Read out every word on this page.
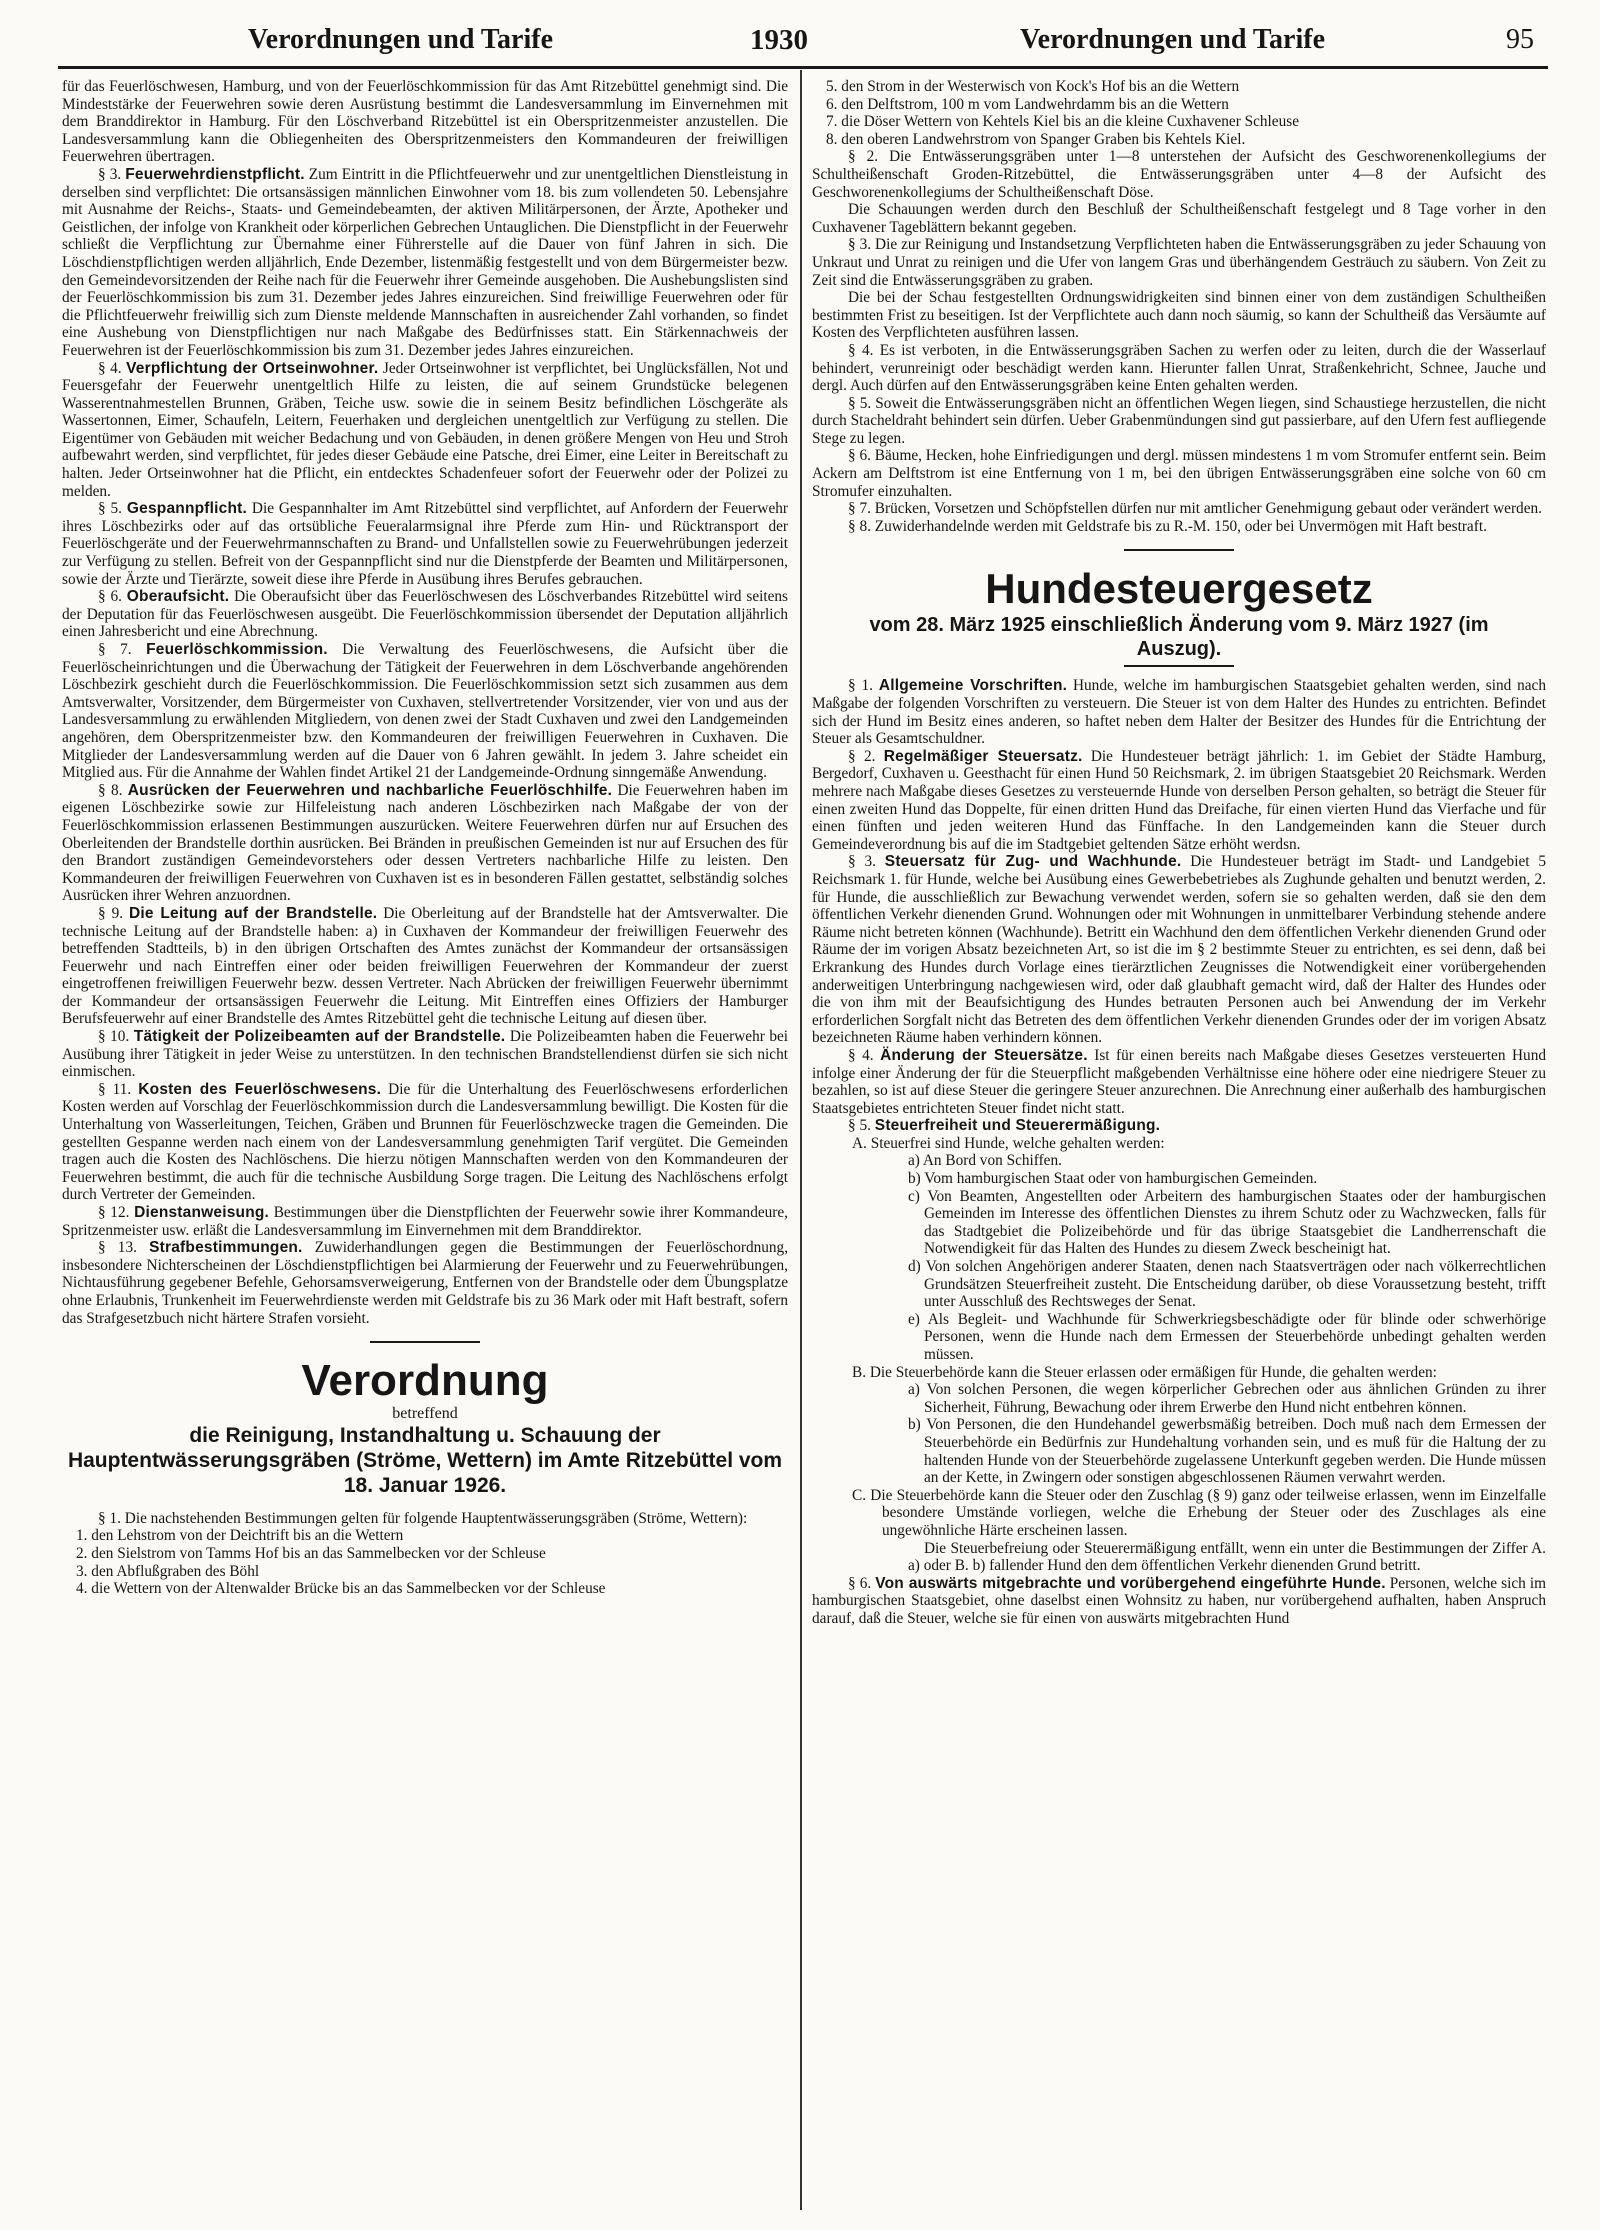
Verordnungen und Tarife	1930	Verordnungen und Tarife	95

für das Feuerlöschwesen, Hamburg, und von der Feuerlöschkommission für das Amt Ritzebüttel genehmigt sind. Die Mindeststärke der Feuerwehren sowie deren Ausrüstung bestimmt die Landesversammlung im Einvernehmen mit dem Branddirektor in Hamburg. Für den Löschverband Ritzebüttel ist ein Oberspritzenmeister anzustellen. Die Landesversammlung kann die Obliegenheiten des Oberspritzenmeisters den Kommandeuren der freiwilligen Feuerwehren übertragen.

§ 3. Feuerwehrdienstpflicht. Zum Eintritt in die Pflichtfeuerwehr und zur unentgeltlichen Dienstleistung in derselben sind verpflichtet: Die ortsansässigen männlichen Einwohner vom 18. bis zum vollendeten 50. Lebensjahre mit Ausnahme der Reichs-, Staats- und Gemeindebeamten, der aktiven Militärpersonen, der Ärzte, Apotheker und Geistlichen, der infolge von Krankheit oder körperlichen Gebrechen Untauglichen. Die Dienstpflicht in der Feuerwehr schließt die Verpflichtung zur Übernahme einer Führerstelle auf die Dauer von fünf Jahren in sich. Die Löschdienstpflichtigen werden alljährlich, Ende Dezember, listenmäßig festgestellt und von dem Bürgermeister bezw. den Gemeindevorsitzenden der Reihe nach für die Feuerwehr ihrer Gemeinde ausgehoben. Die Aushebungslisten sind der Feuerlöschkommission bis zum 31. Dezember jedes Jahres einzureichen. Sind freiwillige Feuerwehren oder für die Pflichtfeuerwehr freiwillig sich zum Dienste meldende Mannschaften in ausreichender Zahl vorhanden, so findet eine Aushebung von Dienstpflichtigen nur nach Maßgabe des Bedürfnisses statt. Ein Stärkennachweis der Feuerwehren ist der Feuerlöschkommission bis zum 31. Dezember jedes Jahres einzureichen.

§ 4. Verpflichtung der Ortseinwohner. Jeder Ortseinwohner ist verpflichtet, bei Unglücksfällen, Not und Feuersgefahr der Feuerwehr unentgeltlich Hilfe zu leisten, die auf seinem Grundstücke belegenen Wasserentnahmestellen Brunnen, Gräben, Teiche usw. sowie die in seinem Besitz befindlichen Löschgeräte als Wassertonnen, Eimer, Schaufeln, Leitern, Feuerhaken und dergleichen unentgeltlich zur Verfügung zu stellen. Die Eigentümer von Gebäuden mit weicher Bedachung und von Gebäuden, in denen größere Mengen von Heu und Stroh aufbewahrt werden, sind verpflichtet, für jedes dieser Gebäude eine Patsche, drei Eimer, eine Leiter in Bereitschaft zu halten. Jeder Ortseinwohner hat die Pflicht, ein entdecktes Schadenfeuer sofort der Feuerwehr oder der Polizei zu melden.

§ 5. Gespannpflicht. Die Gespannhalter im Amt Ritzebüttel sind verpflichtet, auf Anfordern der Feuerwehr ihres Löschbezirks oder auf das ortsübliche Feueralarmsignal ihre Pferde zum Hin- und Rücktransport der Feuerlöschgeräte und der Feuerwehrmannschaften zu Brand- und Unfallstellen sowie zu Feuerwehrübungen jederzeit zur Verfügung zu stellen. Befreit von der Gespannpflicht sind nur die Dienstpferde der Beamten und Militärpersonen, sowie der Ärzte und Tierärzte, soweit diese ihre Pferde in Ausübung ihres Berufes gebrauchen.

§ 6. Oberaufsicht. Die Oberaufsicht über das Feuerlöschwesen des Löschverbandes Ritzebüttel wird seitens der Deputation für das Feuerlöschwesen ausgeübt. Die Feuerlöschkommission übersendet der Deputation alljährlich einen Jahresbericht und eine Abrechnung.

§ 7. Feuerlöschkommission. Die Verwaltung des Feuerlöschwesens, die Aufsicht über die Feuerlöscheinrichtungen und die Überwachung der Tätigkeit der Feuerwehren in dem Löschverbande angehörenden Löschbezirk geschieht durch die Feuerlöschkommission. Die Feuerlöschkommission setzt sich zusammen aus dem Amtsverwalter, Vorsitzender, dem Bürgermeister von Cuxhaven, stellvertretender Vorsitzender, vier von und aus der Landesversammlung zu erwählenden Mitgliedern, von denen zwei der Stadt Cuxhaven und zwei den Landgemeinden angehören, dem Oberspritzenmeister bzw. den Kommandeuren der freiwilligen Feuerwehren in Cuxhaven. Die Mitglieder der Landesversammlung werden auf die Dauer von 6 Jahren gewählt. In jedem 3. Jahre scheidet ein Mitglied aus. Für die Annahme der Wahlen findet Artikel 21 der Landgemeinde-Ordnung sinngemäße Anwendung.

§ 8. Ausrücken der Feuerwehren und nachbarliche Feuerlöschhilfe. Die Feuerwehren haben im eigenen Löschbezirke sowie zur Hilfeleistung nach anderen Löschbezirken nach Maßgabe der von der Feuerlöschkommission erlassenen Bestimmungen auszurücken. Weitere Feuerwehren dürfen nur auf Ersuchen des Oberleitenden der Brandstelle dorthin ausrücken. Bei Bränden in preußischen Gemeinden ist nur auf Ersuchen des für den Brandort zuständigen Gemeindevorstehers oder dessen Vertreters nachbarliche Hilfe zu leisten. Den Kommandeuren der freiwilligen Feuerwehren von Cuxhaven ist es in besonderen Fällen gestattet, selbständig solches Ausrücken ihrer Wehren anzuordnen.

§ 9. Die Leitung auf der Brandstelle. Die Oberleitung auf der Brandstelle hat der Amtsverwalter. Die technische Leitung auf der Brandstelle haben: a) in Cuxhaven der Kommandeur der freiwilligen Feuerwehr des betreffenden Stadtteils, b) in den übrigen Ortschaften des Amtes zunächst der Kommandeur der ortsansässigen Feuerwehr und nach Eintreffen einer oder beiden freiwilligen Feuerwehren der Kommandeur der zuerst eingetroffenen freiwilligen Feuerwehr bezw. dessen Vertreter. Nach Abrücken der freiwilligen Feuerwehr übernimmt der Kommandeur der ortsansässigen Feuerwehr die Leitung. Mit Eintreffen eines Offiziers der Hamburger Berufsfeuerwehr auf einer Brandstelle des Amtes Ritzebüttel geht die technische Leitung auf diesen über.

§ 10. Tätigkeit der Polizeibeamten auf der Brandstelle. Die Polizeibeamten haben die Feuerwehr bei Ausübung ihrer Tätigkeit in jeder Weise zu unterstützen. In den technischen Brandstellendienst dürfen sie sich nicht einmischen.

§ 11. Kosten des Feuerlöschwesens. Die für die Unterhaltung des Feuerlöschwesens erforderlichen Kosten werden auf Vorschlag der Feuerlöschkommission durch die Landesversammlung bewilligt. Die Kosten für die Unterhaltung von Wasserleitungen, Teichen, Gräben und Brunnen für Feuerlöschzwecke tragen die Gemeinden. Die gestellten Gespanne werden nach einem von der Landesversammlung genehmigten Tarif vergütet. Die Gemeinden tragen auch die Kosten des Nachlöschens. Die hierzu nötigen Mannschaften werden von den Kommandeuren der Feuerwehren bestimmt, die auch für die technische Ausbildung Sorge tragen. Die Leitung des Nachlöschens erfolgt durch Vertreter der Gemeinden.

§ 12. Dienstanweisung. Bestimmungen über die Dienstpflichten der Feuerwehr sowie ihrer Kommandeure, Spritzenmeister usw. erläßt die Landesversammlung im Einvernehmen mit dem Branddirektor.

§ 13. Strafbestimmungen. Zuwiderhandlungen gegen die Bestimmungen der Feuerlöschordnung, insbesondere Nichterscheinen der Löschdienstpflichtigen bei Alarmierung der Feuerwehr und zu Feuerwehrübungen, Nichtausführung gegebener Befehle, Gehorsamsverweigerung, Entfernen von der Brandstelle oder dem Übungsplatze ohne Erlaubnis, Trunkenheit im Feuerwehrdienste werden mit Geldstrafe bis zu 36 Mark oder mit Haft bestraft, sofern das Strafgesetzbuch nicht härtere Strafen vorsieht.

Verordnung
betreffend
die Reinigung, Instandhaltung u. Schauung der Hauptentwässerungsgräben (Ströme, Wettern) im Amte Ritzebüttel vom 18. Januar 1926.

§ 1. Die nachstehenden Bestimmungen gelten für folgende Hauptentwässerungsgräben (Ströme, Wettern):

1. den Lehstrom von der Deichtrift bis an die Wettern

2. den Sielstrom von Tamms Hof bis an das Sammelbecken vor der Schleuse

3. den Abflußgraben des Böhl

4. die Wettern von der Altenwalder Brücke bis an das Sammelbecken vor der Schleuse

5. den Strom in der Westerwisch von Kock's Hof bis an die Wettern

6. den Delftstrom, 100 m vom Landwehrdamm bis an die Wettern

7. die Döser Wettern von Kehtels Kiel bis an die kleine Cuxhavener Schleuse

8. den oberen Landwehrstrom von Spanger Graben bis Kehtels Kiel.

§ 2. Die Entwässerungsgräben unter 1—8 unterstehen der Aufsicht des Geschworenenkollegiums der Schultheißenschaft Groden-Ritzebüttel, die Entwässerungsgräben unter 4—8 der Aufsicht des Geschworenenkollegiums der Schultheißenschaft Döse.

Die Schauungen werden durch den Beschluß der Schultheißenschaft festgelegt und 8 Tage vorher in den Cuxhavener Tageblättern bekannt gegeben.

§ 3. Die zur Reinigung und Instandsetzung Verpflichteten haben die Entwässerungsgräben zu jeder Schauung von Unkraut und Unrat zu reinigen und die Ufer von langem Gras und überhängendem Gesträuch zu säubern. Von Zeit zu Zeit sind die Entwässerungsgräben zu graben.

Die bei der Schau festgestellten Ordnungswidrigkeiten sind binnen einer von dem zuständigen Schultheißen bestimmten Frist zu beseitigen. Ist der Verpflichtete auch dann noch säumig, so kann der Schultheiß das Versäumte auf Kosten des Verpflichteten ausführen lassen.

§ 4. Es ist verboten, in die Entwässerungsgräben Sachen zu werfen oder zu leiten, durch die der Wasserlauf behindert, verunreinigt oder beschädigt werden kann. Hierunter fallen Unrat, Straßenkehricht, Schnee, Jauche und dergl. Auch dürfen auf den Entwässerungsgräben keine Enten gehalten werden.

§ 5. Soweit die Entwässerungsgräben nicht an öffentlichen Wegen liegen, sind Schaustiege herzustellen, die nicht durch Stacheldraht behindert sein dürfen. Ueber Grabenmündungen sind gut passierbare, auf den Ufern fest aufliegende Stege zu legen.

§ 6. Bäume, Hecken, hohe Einfriedigungen und dergl. müssen mindestens 1 m vom Stromufer entfernt sein. Beim Ackern am Delftstrom ist eine Entfernung von 1 m, bei den übrigen Entwässerungsgräben eine solche von 60 cm Stromufer einzuhalten.

§ 7. Brücken, Vorsetzen und Schöpfstellen dürfen nur mit amtlicher Genehmigung gebaut oder verändert werden.

§ 8. Zuwiderhandelnde werden mit Geldstrafe bis zu R.-M. 150, oder bei Unvermögen mit Haft bestraft.

Hundesteuergesetz
vom 28. März 1925 einschließlich Änderung vom 9. März 1927 (im Auszug).

§ 1. Allgemeine Vorschriften. Hunde, welche im hamburgischen Staatsgebiet gehalten werden, sind nach Maßgabe der folgenden Vorschriften zu versteuern. Die Steuer ist von dem Halter des Hundes zu entrichten. Befindet sich der Hund im Besitz eines anderen, so haftet neben dem Halter der Besitzer des Hundes für die Entrichtung der Steuer als Gesamtschuldner.

§ 2. Regelmäßiger Steuersatz. Die Hundesteuer beträgt jährlich: 1. im Gebiet der Städte Hamburg, Bergedorf, Cuxhaven u. Geesthacht für einen Hund 50 Reichsmark, 2. im übrigen Staatsgebiet 20 Reichsmark. Werden mehrere nach Maßgabe dieses Gesetzes zu versteuernde Hunde von derselben Person gehalten, so beträgt die Steuer für einen zweiten Hund das Doppelte, für einen dritten Hund das Dreifache, für einen vierten Hund das Vierfache und für einen fünften und jeden weiteren Hund das Fünffache. In den Landgemeinden kann die Steuer durch Gemeindeverordnung bis auf die im Stadtgebiet geltenden Sätze erhöht werdsn.

§ 3. Steuersatz für Zug- und Wachhunde. Die Hundesteuer beträgt im Stadt- und Landgebiet 5 Reichsmark 1. für Hunde, welche bei Ausübung eines Gewerbebetriebes als Zughunde gehalten und benutzt werden, 2. für Hunde, die ausschließlich zur Bewachung verwendet werden, sofern sie so gehalten werden, daß sie den dem öffentlichen Verkehr dienenden Grund. Wohnungen oder mit Wohnungen in unmittelbarer Verbindung stehende andere Räume nicht betreten können (Wachhunde). Betritt ein Wachhund den dem öffentlichen Verkehr dienenden Grund oder Räume der im vorigen Absatz bezeichneten Art, so ist die im § 2 bestimmte Steuer zu entrichten, es sei denn, daß bei Erkrankung des Hundes durch Vorlage eines tierärztlichen Zeugnisses die Notwendigkeit einer vorübergehenden anderweitigen Unterbringung nachgewiesen wird, oder daß glaubhaft gemacht wird, daß der Halter des Hundes oder die von ihm mit der Beaufsichtigung des Hundes betrauten Personen auch bei Anwendung der im Verkehr erforderlichen Sorgfalt nicht das Betreten des dem öffentlichen Verkehr dienenden Grundes oder der im vorigen Absatz bezeichneten Räume haben verhindern können.

§ 4. Änderung der Steuersätze. Ist für einen bereits nach Maßgabe dieses Gesetzes versteuerten Hund infolge einer Änderung der für die Steuerpflicht maßgebenden Verhältnisse eine höhere oder eine niedrigere Steuer zu bezahlen, so ist auf diese Steuer die geringere Steuer anzurechnen. Die Anrechnung einer außerhalb des hamburgischen Staatsgebietes entrichteten Steuer findet nicht statt.

§ 5. Steuerfreiheit und Steuerermäßigung.

A. Steuerfrei sind Hunde, welche gehalten werden:

a) An Bord von Schiffen.

b) Vom hamburgischen Staat oder von hamburgischen Gemeinden.

c) Von Beamten, Angestellten oder Arbeitern des hamburgischen Staates oder der hamburgischen Gemeinden im Interesse des öffentlichen Dienstes zu ihrem Schutz oder zu Wachzwecken, falls für das Stadtgebiet die Polizeibehörde und für das übrige Staatsgebiet die Landherrenschaft die Notwendigkeit für das Halten des Hundes zu diesem Zweck bescheinigt hat.

d) Von solchen Angehörigen anderer Staaten, denen nach Staatsverträgen oder nach völkerrechtlichen Grundsätzen Steuerfreiheit zusteht. Die Entscheidung darüber, ob diese Voraussetzung besteht, trifft unter Ausschluß des Rechtsweges der Senat.

e) Als Begleit- und Wachhunde für Schwerkriegsbeschädigte oder für blinde oder schwerhörige Personen, wenn die Hunde nach dem Ermessen der Steuerbehörde unbedingt gehalten werden müssen.

B. Die Steuerbehörde kann die Steuer erlassen oder ermäßigen für Hunde, die gehalten werden:

a) Von solchen Personen, die wegen körperlicher Gebrechen oder aus ähnlichen Gründen zu ihrer Sicherheit, Führung, Bewachung oder ihrem Erwerbe den Hund nicht entbehren können.

b) Von Personen, die den Hundehandel gewerbsmäßig betreiben. Doch muß nach dem Ermessen der Steuerbehörde ein Bedürfnis zur Hundehaltung vorhanden sein, und es muß für die Haltung der zu haltenden Hunde von der Steuerbehörde zugelassene Unterkunft gegeben werden. Die Hunde müssen an der Kette, in Zwingern oder sonstigen abgeschlossenen Räumen verwahrt werden.

C. Die Steuerbehörde kann die Steuer oder den Zuschlag (§ 9) ganz oder teilweise erlassen, wenn im Einzelfalle besondere Umstände vorliegen, welche die Erhebung der Steuer oder des Zuschlages als eine ungewöhnliche Härte erscheinen lassen.

Die Steuerbefreiung oder Steuerermäßigung entfällt, wenn ein unter die Bestimmungen der Ziffer A. a) oder B. b) fallender Hund den dem öffentlichen Verkehr dienenden Grund betritt.

§ 6. Von auswärts mitgebrachte und vorübergehend eingeführte Hunde. Personen, welche sich im hamburgischen Staatsgebiet, ohne daselbst einen Wohnsitz zu haben, nur vorübergehend aufhalten, haben Anspruch darauf, daß die Steuer, welche sie für einen von auswärts mitgebrachten Hund
